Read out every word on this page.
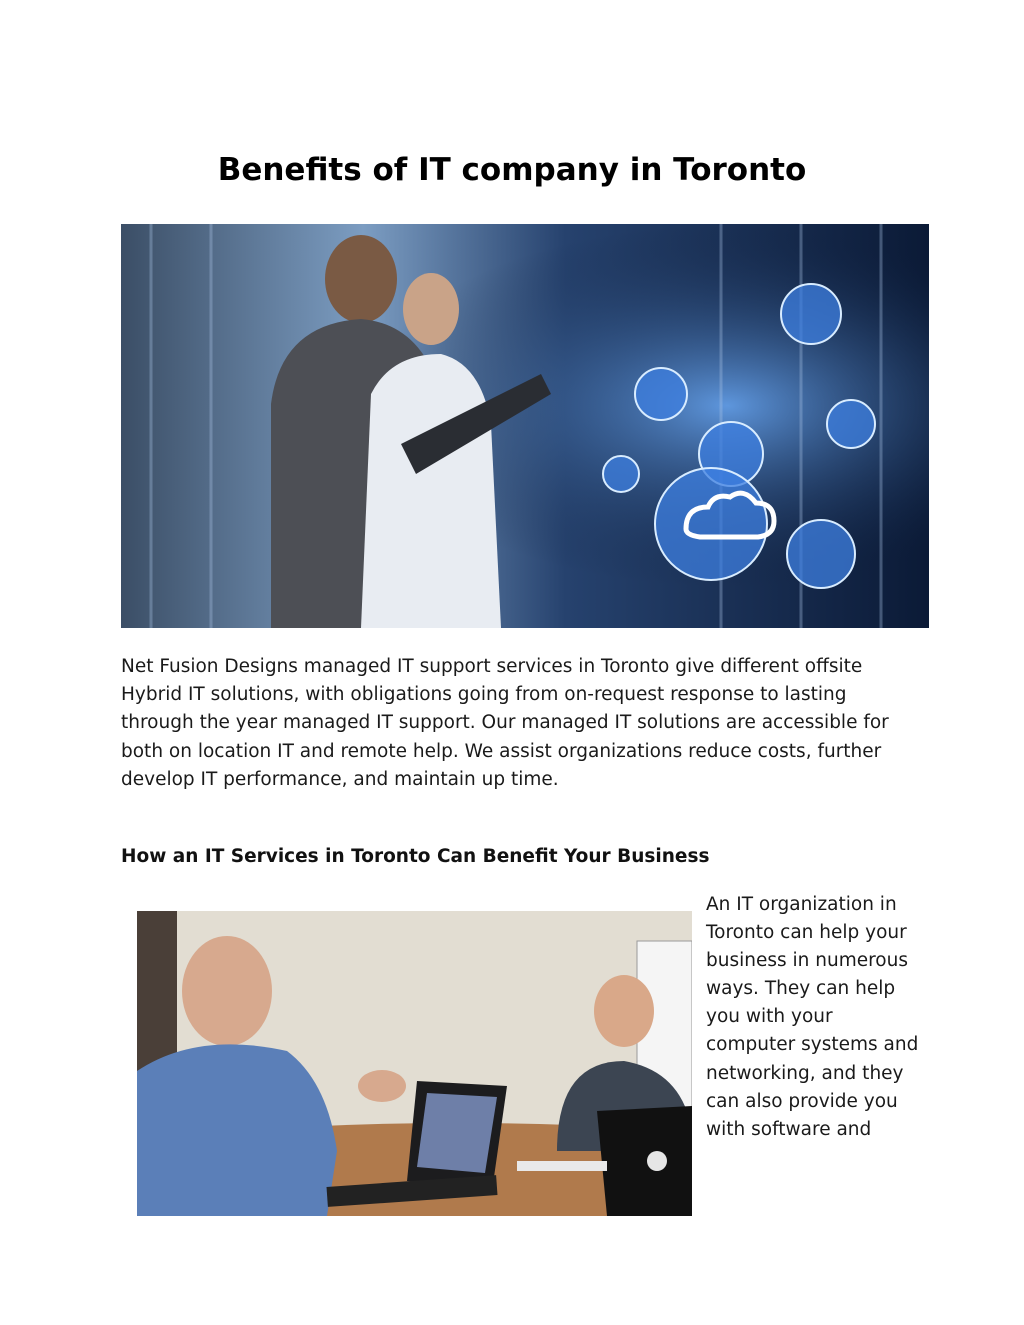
Benefits of IT company in Toronto

Net Fusion Designs managed IT support services in Toronto give different offsite Hybrid IT solutions, with obligations going from on-request response to lasting through the year managed IT support. Our managed IT solutions are accessible for both on location IT and remote help. We assist organizations reduce costs, further develop IT performance, and maintain up time.

How an IT Services in Toronto Can Benefit Your Business

An IT organization in Toronto can help your business in numerous ways. They can help you with your computer systems and networking, and they can also provide you with software and
